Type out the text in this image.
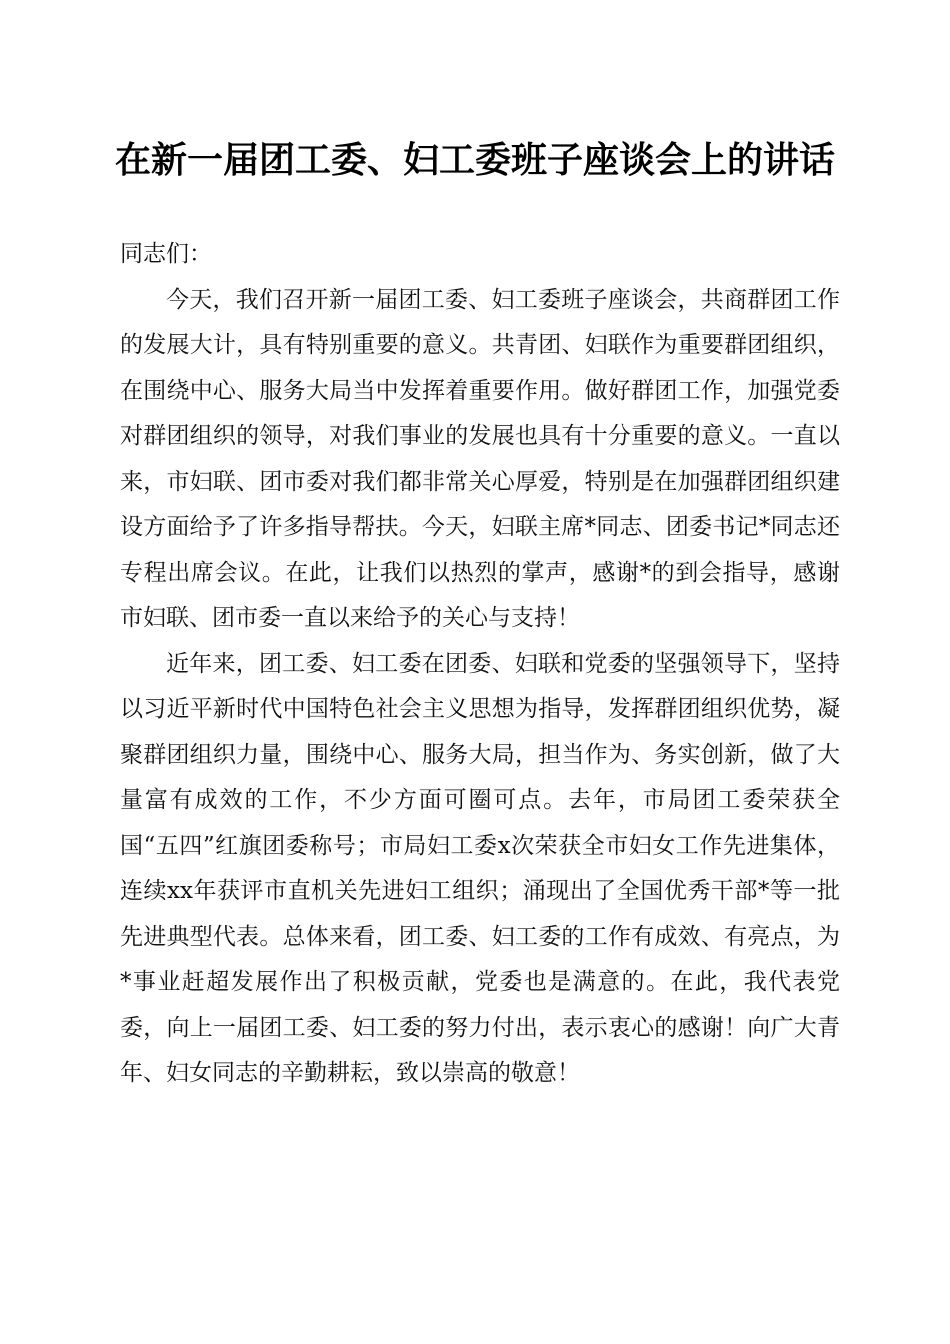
在新一届团工委、妇工委班子座谈会上的讲话

同志们：

今天，我们召开新一届团工委、妇工委班子座谈会，共商群团工作的发展大计，具有特别重要的意义。共青团、妇联作为重要群团组织，在围绕中心、服务大局当中发挥着重要作用。做好群团工作，加强党委对群团组织的领导，对我们事业的发展也具有十分重要的意义。一直以来，市妇联、团市委对我们都非常关心厚爱，特别是在加强群团组织建设方面给予了许多指导帮扶。今天，妇联主席*同志、团委书记*同志还专程出席会议。在此，让我们以热烈的掌声，感谢*的到会指导，感谢市妇联、团市委一直以来给予的关心与支持！

近年来，团工委、妇工委在团委、妇联和党委的坚强领导下，坚持以习近平新时代中国特色社会主义思想为指导，发挥群团组织优势，凝聚群团组织力量，围绕中心、服务大局，担当作为、务实创新，做了大量富有成效的工作，不少方面可圈可点。去年，市局团工委荣获全国“五四”红旗团委称号；市局妇工委x次荣获全市妇女工作先进集体，连续xx年获评市直机关先进妇工组织；涌现出了全国优秀干部*等一批先进典型代表。总体来看，团工委、妇工委的工作有成效、有亮点，为*事业赶超发展作出了积极贡献，党委也是满意的。在此，我代表党委，向上一届团工委、妇工委的努力付出，表示衷心的感谢！向广大青年、妇女同志的辛勤耕耘，致以崇高的敬意！
